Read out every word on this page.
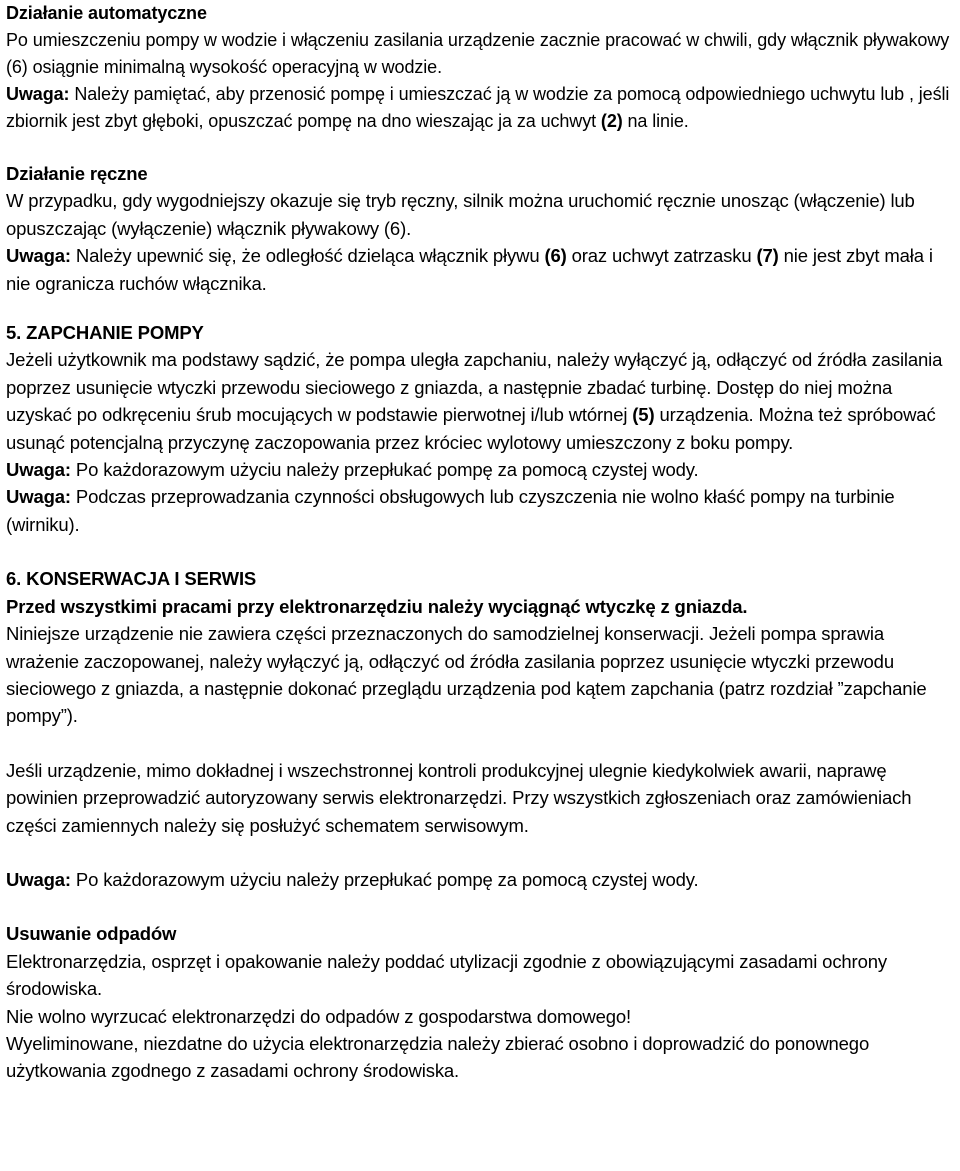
Działanie automatyczne

Po umieszczeniu pompy w wodzie i włączeniu zasilania urządzenie zacznie pracować w chwili, gdy włącznik pływakowy (6) osiągnie minimalną wysokość operacyjną w wodzie.

Uwaga: Należy pamiętać, aby przenosić pompę i umieszczać ją w wodzie za pomocą odpowiedniego uchwytu lub , jeśli zbiornik jest zbyt głęboki, opuszczać pompę na dno wieszając ja za uchwyt (2) na linie.

Działanie ręczne

W przypadku, gdy wygodniejszy okazuje się tryb ręczny, silnik można uruchomić ręcznie unosząc (włączenie) lub opuszczając (wyłączenie) włącznik pływakowy (6).

Uwaga: Należy upewnić się, że odległość dzieląca włącznik pływu (6) oraz uchwyt zatrzasku (7) nie jest zbyt mała i nie ogranicza ruchów włącznika.

5. ZAPCHANIE POMPY

Jeżeli użytkownik ma podstawy sądzić, że pompa uległa zapchaniu, należy wyłączyć ją, odłączyć od źródła zasilania poprzez usunięcie wtyczki przewodu sieciowego z gniazda, a następnie zbadać turbinę. Dostęp do niej można uzyskać po odkręceniu śrub mocujących w podstawie pierwotnej i/lub wtórnej (5) urządzenia. Można też spróbować usunąć potencjalną przyczynę zaczopowania przez króciec wylotowy umieszczony z boku pompy.

Uwaga: Po każdorazowym użyciu należy przepłukać pompę za pomocą czystej wody.

Uwaga: Podczas przeprowadzania czynności obsługowych lub czyszczenia nie wolno kłaść pompy na turbinie (wirniku).

6. KONSERWACJA I SERWIS

Przed wszystkimi pracami przy elektronarzędziu należy wyciągnąć wtyczkę z gniazda.

Niniejsze urządzenie nie zawiera części przeznaczonych do samodzielnej konserwacji. Jeżeli pompa sprawia wrażenie zaczopowanej, należy wyłączyć ją, odłączyć od źródła zasilania poprzez usunięcie wtyczki przewodu sieciowego z gniazda, a następnie dokonać przeglądu urządzenia pod kątem zapchania (patrz rozdział ”zapchanie pompy”).

Jeśli urządzenie, mimo dokładnej i wszechstronnej kontroli produkcyjnej ulegnie kiedykolwiek awarii, naprawę powinien przeprowadzić autoryzowany serwis elektronarzędzi. Przy wszystkich zgłoszeniach oraz zamówieniach części zamiennych należy się posłużyć schematem serwisowym.

Uwaga: Po każdorazowym użyciu należy przepłukać pompę za pomocą czystej wody.

Usuwanie odpadów

Elektronarzędzia, osprzęt i opakowanie należy poddać utylizacji zgodnie z obowiązującymi zasadami ochrony środowiska.

Nie wolno wyrzucać elektronarzędzi do odpadów z gospodarstwa domowego!

Wyeliminowane, niezdatne do użycia elektronarzędzia należy zbierać osobno i doprowadzić do ponownego użytkowania zgodnego z zasadami ochrony środowiska.
